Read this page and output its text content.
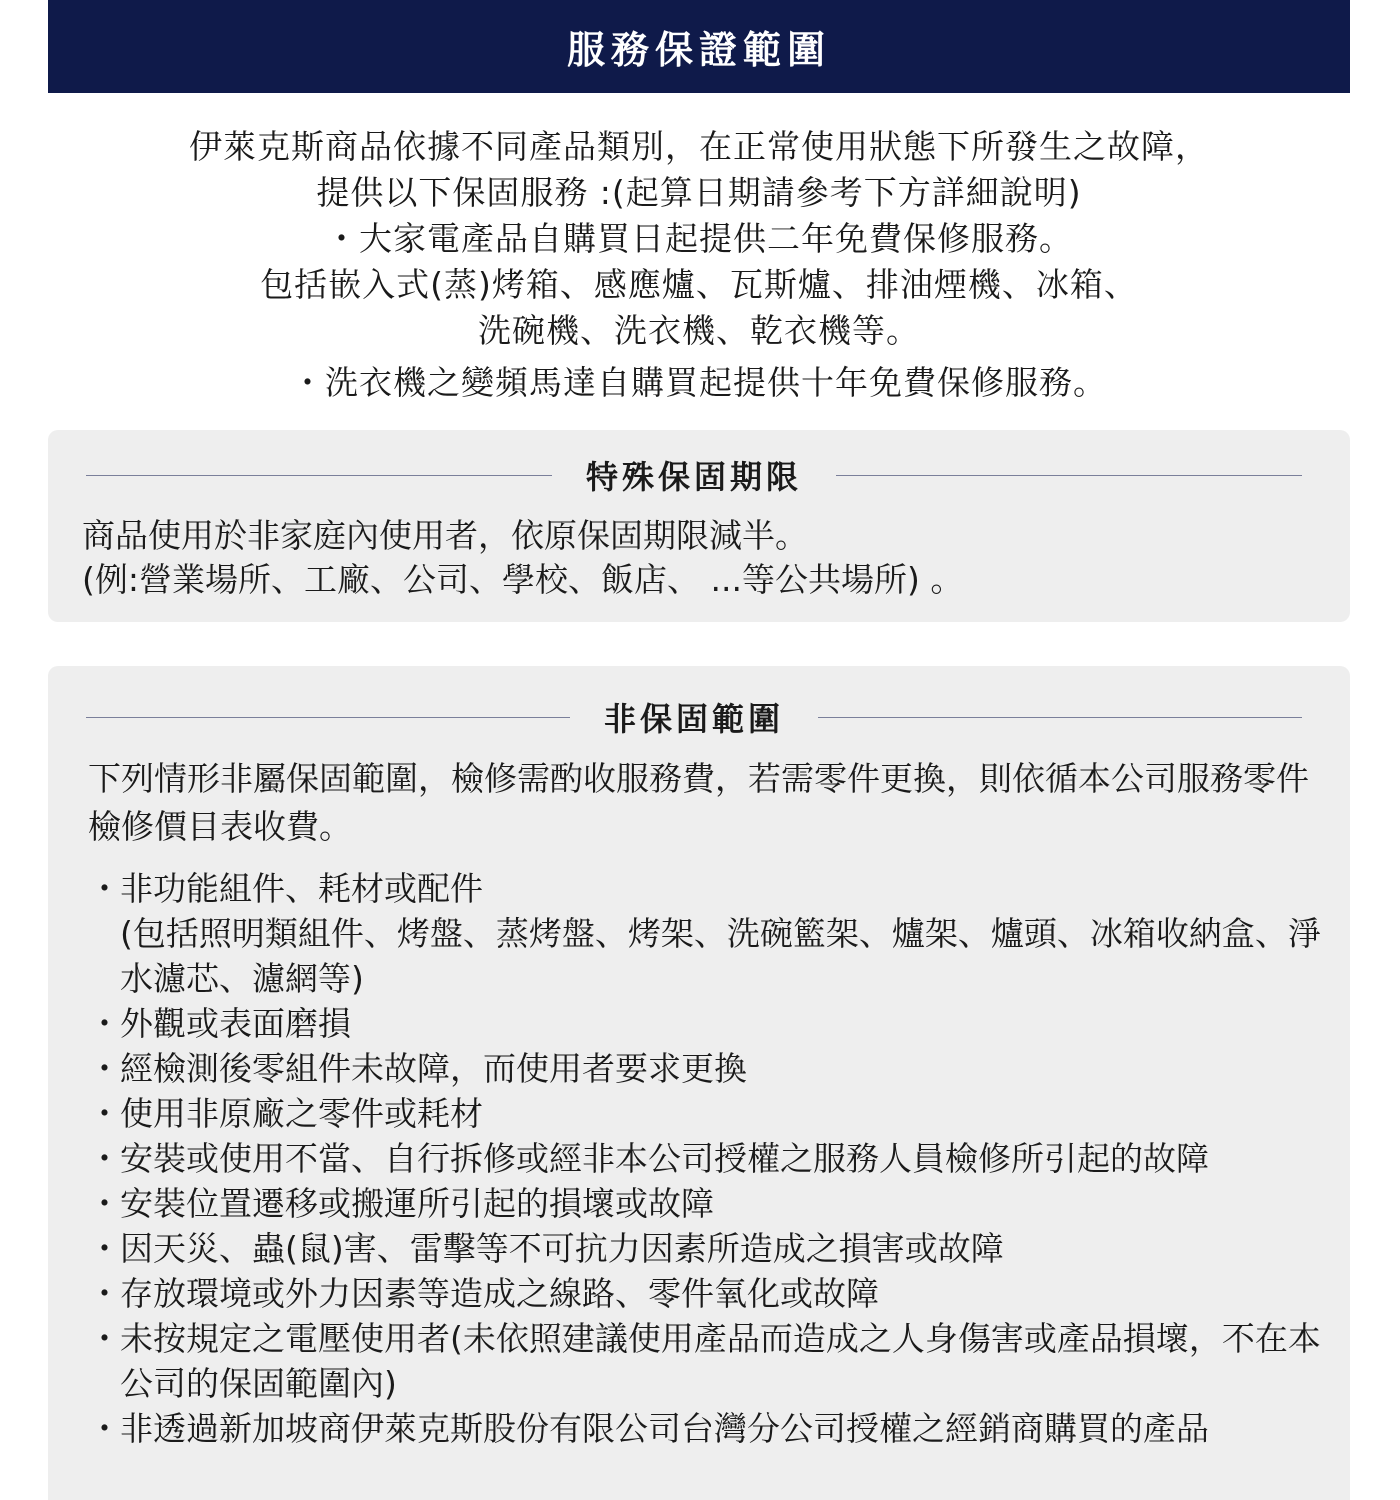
服務保證範圍
伊萊克斯商品依據不同產品類別，在正常使用狀態下所發生之故障，
提供以下保固服務 :(起算日期請參考下方詳細說明)
・大家電產品自購買日起提供二年免費保修服務。
包括嵌入式(蒸)烤箱、感應爐、瓦斯爐、排油煙機、冰箱、
洗碗機、洗衣機、乾衣機等。
・洗衣機之變頻馬達自購買起提供十年免費保修服務。
特殊保固期限
商品使用於非家庭內使用者，依原保固期限減半。
(例:營業場所、工廠、公司、學校、飯店、 ...等公共場所) 。
非保固範圍
下列情形非屬保固範圍，檢修需酌收服務費，若需零件更換，則依循本公司服務零件檢修價目表收費。
・ 非功能組件、耗材或配件
(包括照明類組件、烤盤、蒸烤盤、烤架、洗碗籃架、爐架、爐頭、冰箱收納盒、淨水濾芯、濾網等)
・ 外觀或表面磨損
・ 經檢測後零組件未故障，而使用者要求更換
・ 使用非原廠之零件或耗材
・ 安裝或使用不當、自行拆修或經非本公司授權之服務人員檢修所引起的故障
・ 安裝位置遷移或搬運所引起的損壞或故障
・ 因天災、蟲(鼠)害、雷擊等不可抗力因素所造成之損害或故障
・ 存放環境或外力因素等造成之線路、零件氧化或故障
・ 未按規定之電壓使用者(未依照建議使用產品而造成之人身傷害或產品損壞，不在本公司的保固範圍內)
・ 非透過新加坡商伊萊克斯股份有限公司台灣分公司授權之經銷商購買的產品
